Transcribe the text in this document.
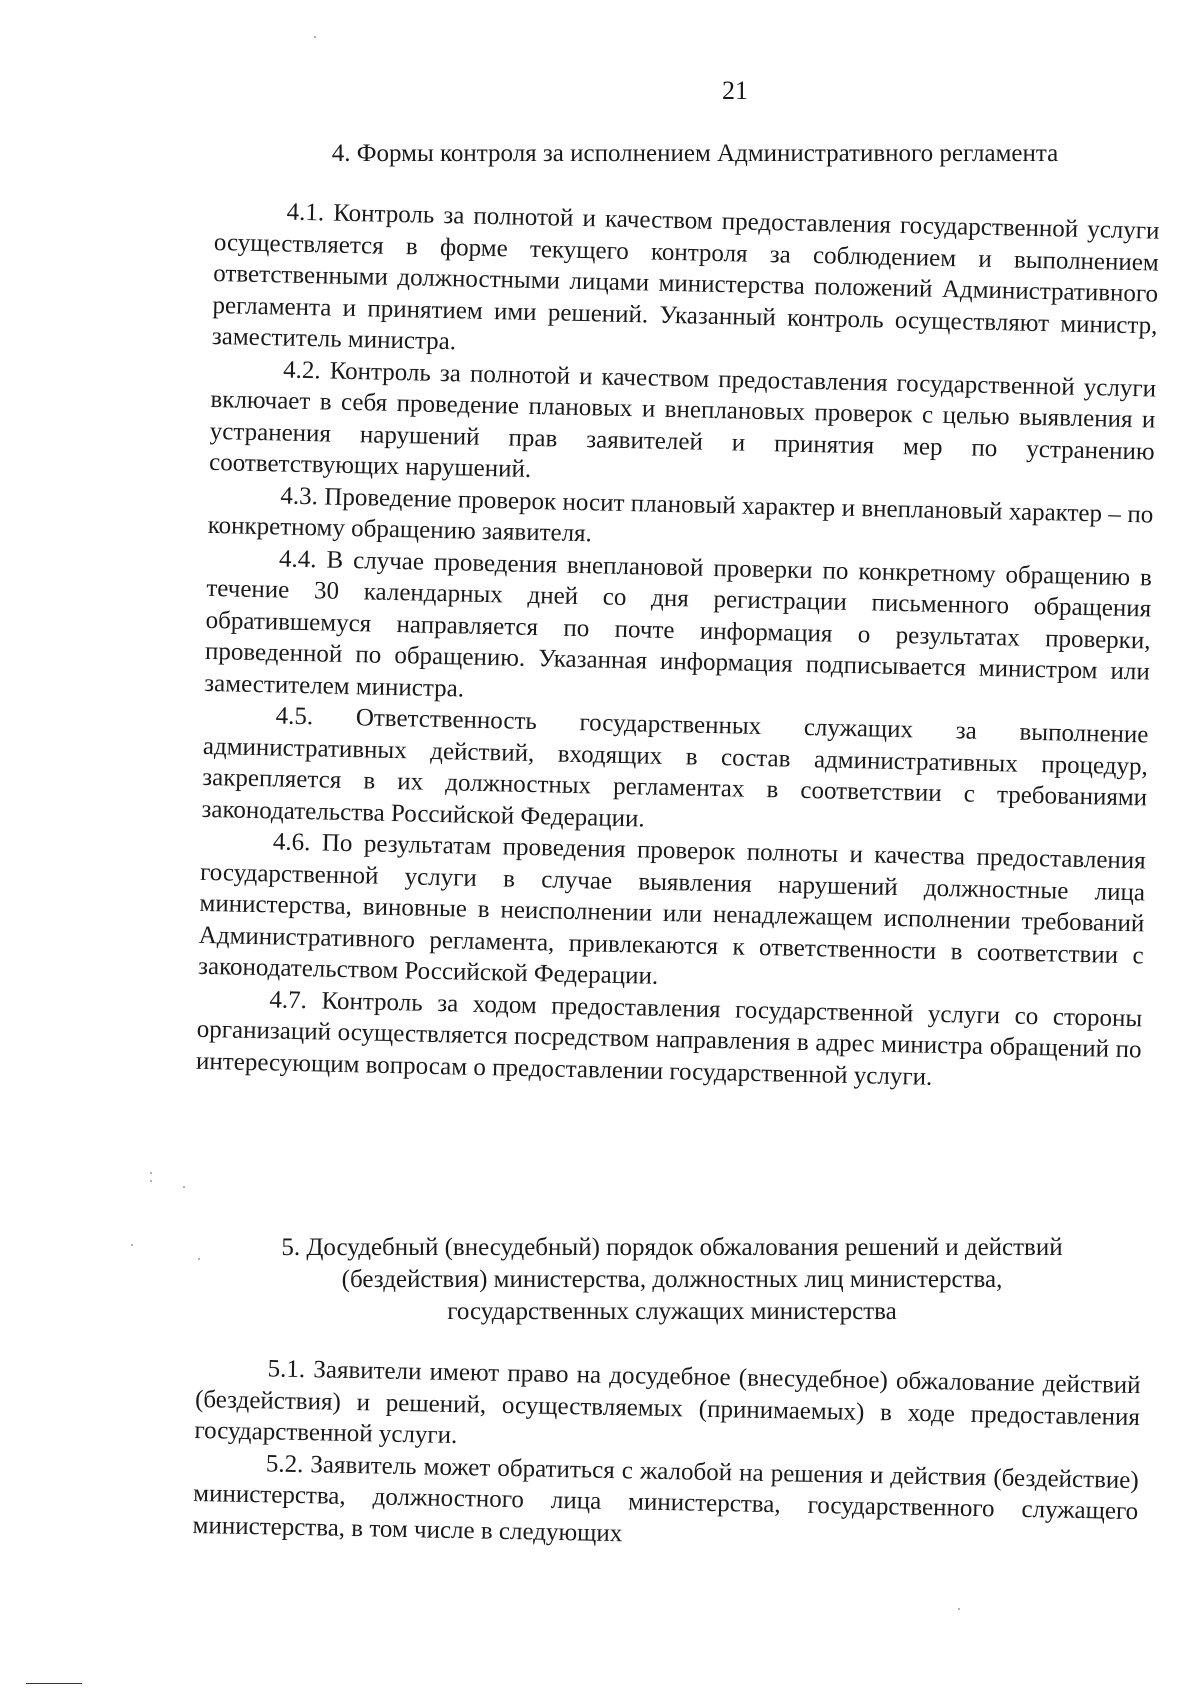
21
4. Формы контроля за исполнением Административного регламента

4.1. Контроль за полнотой и качеством предоставления государственной услуги осуществляется в форме текущего контроля за соблюдением и выполнением ответственными должностными лицами министерства положений Административного регламента и принятием ими решений. Указанный контроль осуществляют министр, заместитель министра.

4.2. Контроль за полнотой и качеством предоставления государственной услуги включает в себя проведение плановых и внеплановых проверок с целью выявления и устранения нарушений прав заявителей и принятия мер по устранению соответствующих нарушений.

4.3. Проведение проверок носит плановый характер и внеплановый характер – по конкретному обращению заявителя.

4.4. В случае проведения внеплановой проверки по конкретному обращению в течение 30 календарных дней со дня регистрации письменного обращения обратившемуся направляется по почте информация о результатах проверки, проведенной по обращению. Указанная информация подписывается министром или заместителем министра.

4.5. Ответственность государственных служащих за выполнение административных действий, входящих в состав административных процедур, закрепляется в их должностных регламентах в соответствии с требованиями законодательства Российской Федерации.

4.6. По результатам проведения проверок полноты и качества предоставления государственной услуги в случае выявления нарушений должностные лица министерства, виновные в неисполнении или ненадлежащем исполнении требований Административного регламента, привлекаются к ответственности в соответствии с законодательством Российской Федерации.

4.7. Контроль за ходом предоставления государственной услуги со стороны организаций осуществляется посредством направления в адрес министра обращений по интересующим вопросам о предоставлении государственной услуги.

5. Досудебный (внесудебный) порядок обжалования решений и действий
(бездействия) министерства, должностных лиц министерства,
государственных служащих министерства

5.1. Заявители имеют право на досудебное (внесудебное) обжалование действий (бездействия) и решений, осуществляемых (принимаемых) в ходе предоставления государственной услуги.

5.2. Заявитель может обратиться с жалобой на решения и действия (бездействие) министерства, должностного лица министерства, государственного служащего министерства, в том числе в следующих
